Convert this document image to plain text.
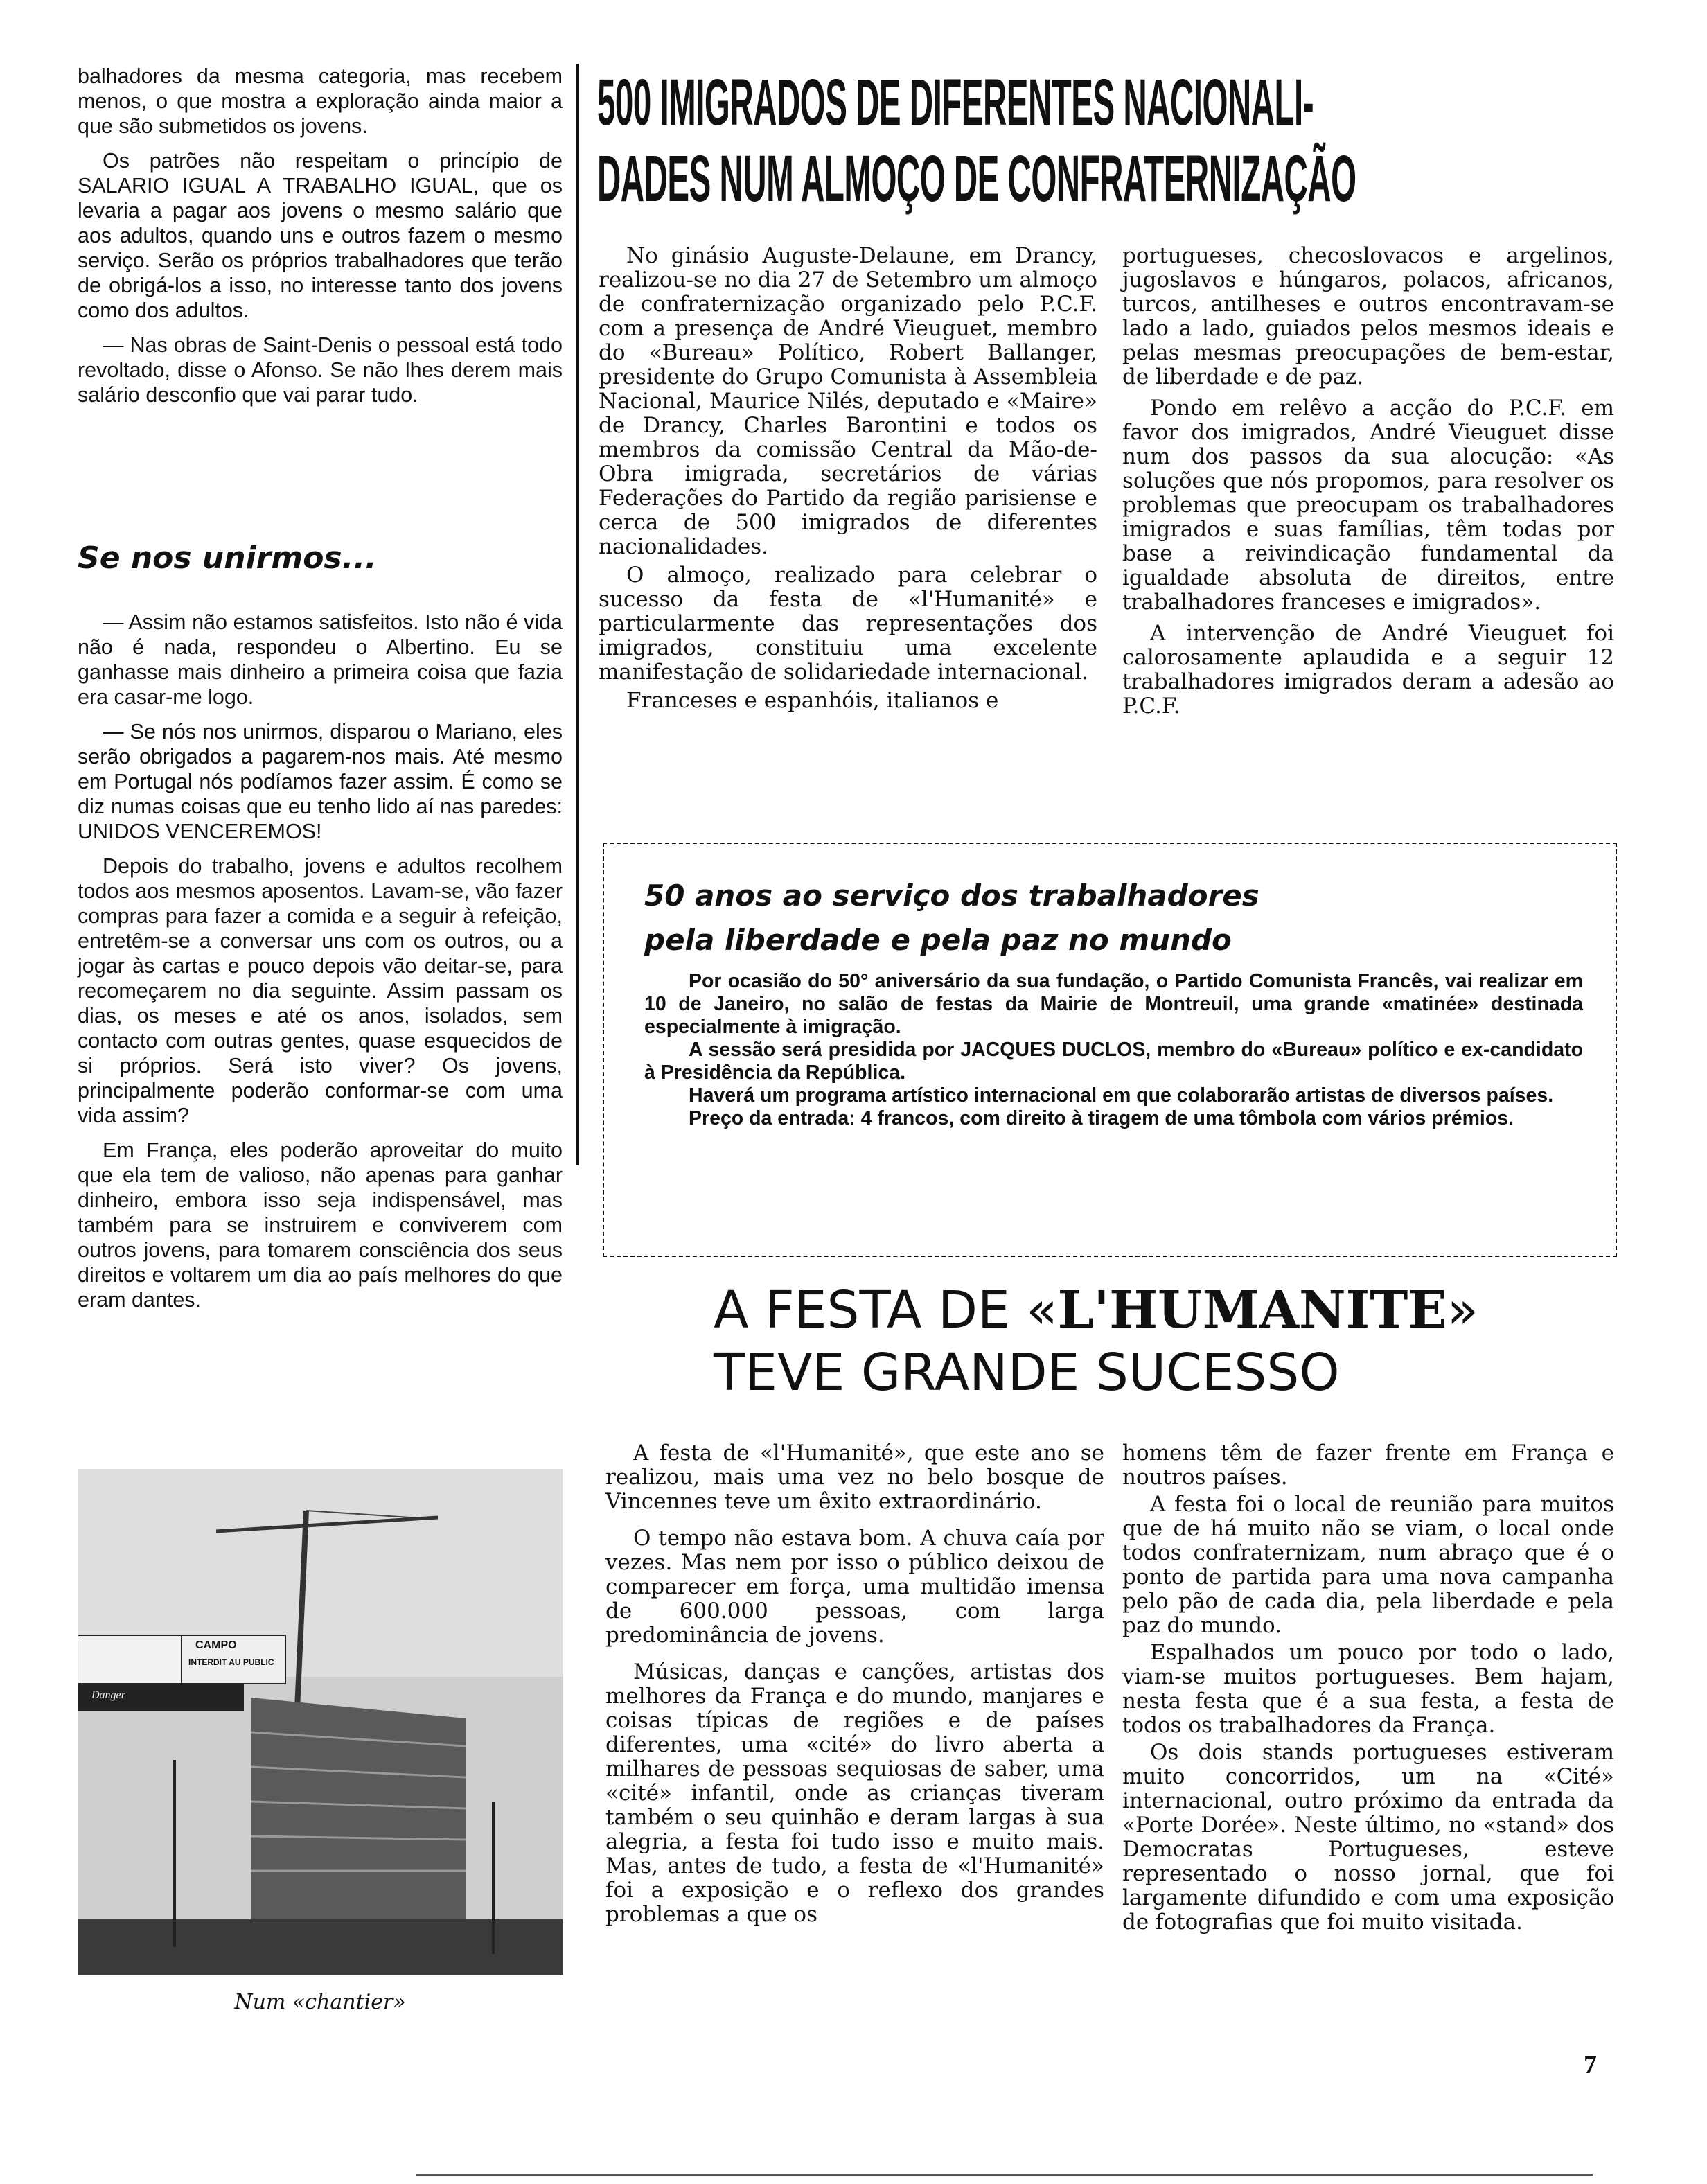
balhadores da mesma categoria, mas recebem menos, o que mostra a exploração ainda maior a que são submetidos os jovens.

Os patrões não respeitam o princípio de SALARIO IGUAL A TRABALHO IGUAL, que os levaria a pagar aos jovens o mesmo salário que aos adultos, quando uns e outros fazem o mesmo serviço. Serão os próprios trabalhadores que terão de obrigá-los a isso, no interesse tanto dos jovens como dos adultos.

— Nas obras de Saint-Denis o pessoal está todo revoltado, disse o Afonso. Se não lhes derem mais salário desconfio que vai parar tudo.

Se nos unirmos...

— Assim não estamos satisfeitos. Isto não é vida não é nada, respondeu o Albertino. Eu se ganhasse mais dinheiro a primeira coisa que fazia era casar-me logo.

— Se nós nos unirmos, disparou o Mariano, eles serão obrigados a pagarem-nos mais. Até mesmo em Portugal nós podíamos fazer assim. É como se diz numas coisas que eu tenho lido aí nas paredes: UNIDOS VENCEREMOS!

Depois do trabalho, jovens e adultos recolhem todos aos mesmos aposentos. Lavam-se, vão fazer compras para fazer a comida e a seguir à refeição, entretêm-se a conversar uns com os outros, ou a jogar às cartas e pouco depois vão deitar-se, para recomeçarem no dia seguinte. Assim passam os dias, os meses e até os anos, isolados, sem contacto com outras gentes, quase esquecidos de si próprios. Será isto viver? Os jovens, principalmente poderão conformar-se com uma vida assim?

Em França, eles poderão aproveitar do muito que ela tem de valioso, não apenas para ganhar dinheiro, embora isso seja indispensável, mas também para se instruirem e conviverem com outros jovens, para tomarem consciência dos seus direitos e voltarem um dia ao país melhores do que eram dantes.

CAMPO
INTERDIT AU PUBLIC
Danger
Num «chantier»
500 IMIGRADOS DE DIFERENTES NACIONALI-
DADES NUM ALMOÇO DE CONFRATERNIZAÇÃO

No ginásio Auguste-Delaune, em Drancy, realizou-se no dia 27 de Setembro um almoço de confraternização organizado pelo P.C.F. com a presença de André Vieuguet, membro do «Bureau» Político, Robert Ballanger, presidente do Grupo Comunista à Assembleia Nacional, Maurice Nilés, deputado e «Maire» de Drancy, Charles Barontini e todos os membros da comissão Central da Mão-de-Obra imigrada, secretários de várias Federações do Partido da região parisiense e cerca de 500 imigrados de diferentes nacionalidades.

O almoço, realizado para celebrar o sucesso da festa de «l'Humanité» e particularmente das representações dos imigrados, constituiu uma excelente manifestação de solidariedade internacional.

Franceses e espanhóis, italianos e

portugueses, checoslovacos e argelinos, jugoslavos e húngaros, polacos, africanos, turcos, antilheses e outros encontravam-se lado a lado, guiados pelos mesmos ideais e pelas mesmas preocupações de bem-estar, de liberdade e de paz.

Pondo em relêvo a acção do P.C.F. em favor dos imigrados, André Vieuguet disse num dos passos da sua alocução: «As soluções que nós propomos, para resolver os problemas que preocupam os trabalhadores imigrados e suas famílias, têm todas por base a reivindicação fundamental da igualdade absoluta de direitos, entre trabalhadores franceses e imigrados».

A intervenção de André Vieuguet foi calorosamente aplaudida e a seguir 12 trabalhadores imigrados deram a adesão ao P.C.F.

50 anos ao serviço dos trabalhadores
pela liberdade e pela paz no mundo

Por ocasião do 50° aniversário da sua fundação, o Partido Comunista Francês, vai realizar em 10 de Janeiro, no salão de festas da Mairie de Montreuil, uma grande «matinée» destinada especialmente à imigração.

A sessão será presidida por JACQUES DUCLOS, membro do «Bureau» político e ex-candidato à Presidência da República.

Haverá um programa artístico internacional em que colaborarão artistas de diversos países.

Preço da entrada: 4 francos, com direito à tiragem de uma tômbola com vários prémios.

A FESTA DE «L'HUMANITE»
TEVE GRANDE SUCESSO

A festa de «l'Humanité», que este ano se realizou, mais uma vez no belo bosque de Vincennes teve um êxito extraordinário.

O tempo não estava bom. A chuva caía por vezes. Mas nem por isso o público deixou de comparecer em força, uma multidão imensa de 600.000 pessoas, com larga predominância de jovens.

Músicas, danças e canções, artistas dos melhores da França e do mundo, manjares e coisas típicas de regiões e de países diferentes, uma «cité» do livro aberta a milhares de pessoas sequiosas de saber, uma «cité» infantil, onde as crianças tiveram também o seu quinhão e deram largas à sua alegria, a festa foi tudo isso e muito mais. Mas, antes de tudo, a festa de «l'Humanité» foi a exposição e o reflexo dos grandes problemas a que os

homens têm de fazer frente em França e noutros países.

A festa foi o local de reunião para muitos que de há muito não se viam, o local onde todos confraternizam, num abraço que é o ponto de partida para uma nova campanha pelo pão de cada dia, pela liberdade e pela paz do mundo.

Espalhados um pouco por todo o lado, viam-se muitos portugueses. Bem hajam, nesta festa que é a sua festa, a festa de todos os trabalhadores da França.

Os dois stands portugueses estiveram muito concorridos, um na «Cité» internacional, outro próximo da entrada da «Porte Dorée». Neste último, no «stand» dos Democratas Portugueses, esteve representado o nosso jornal, que foi largamente difundido e com uma exposição de fotografias que foi muito visitada.

7
